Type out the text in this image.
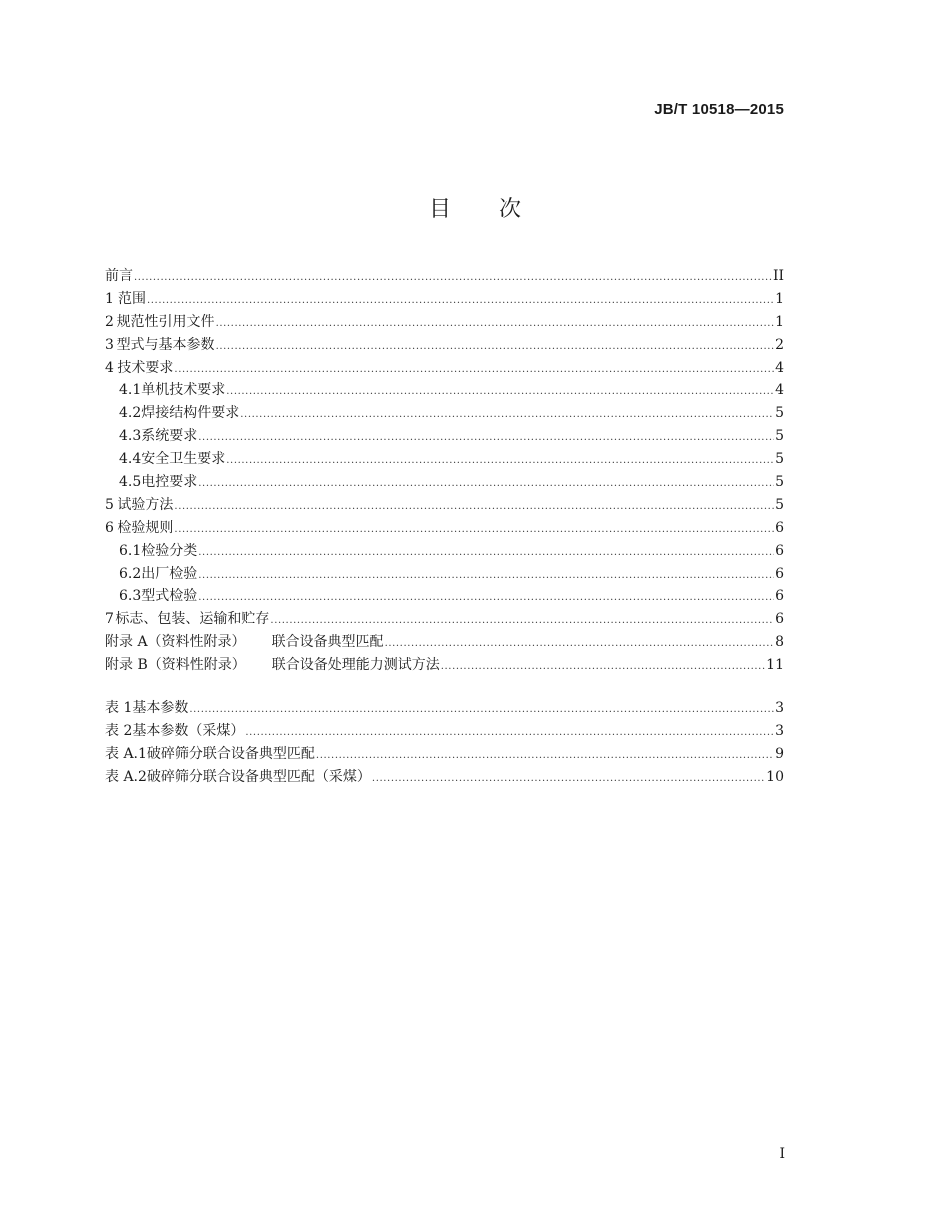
JB/T 10518—2015
目 次
前言 .....	II
1 范围 .....	1
2 规范性引用文件 .....	1
3 型式与基本参数 .....	2
4 技术要求 .....	4
4.1 单机技术要求 .....	4
4.2 焊接结构件要求 .....	5
4.3 系统要求 .....	5
4.4 安全卫生要求 .....	5
4.5 电控要求 .....	5
5 试验方法 .....	5
6 检验规则 .....	6
6.1 检验分类 .....	6
6.2 出厂检验 .....	6
6.3 型式检验 .....	6
7 标志、包装、运输和贮存 .....	6
附录 A（资料性附录） 联合设备典型匹配 .....	8
附录 B（资料性附录） 联合设备处理能力测试方法 .....	11
表 1 基本参数 .....	3
表 2 基本参数（采煤） .....	3
表 A.1 破碎筛分联合设备典型匹配 .....	9
表 A.2 破碎筛分联合设备典型匹配（采煤） .....	10
I
